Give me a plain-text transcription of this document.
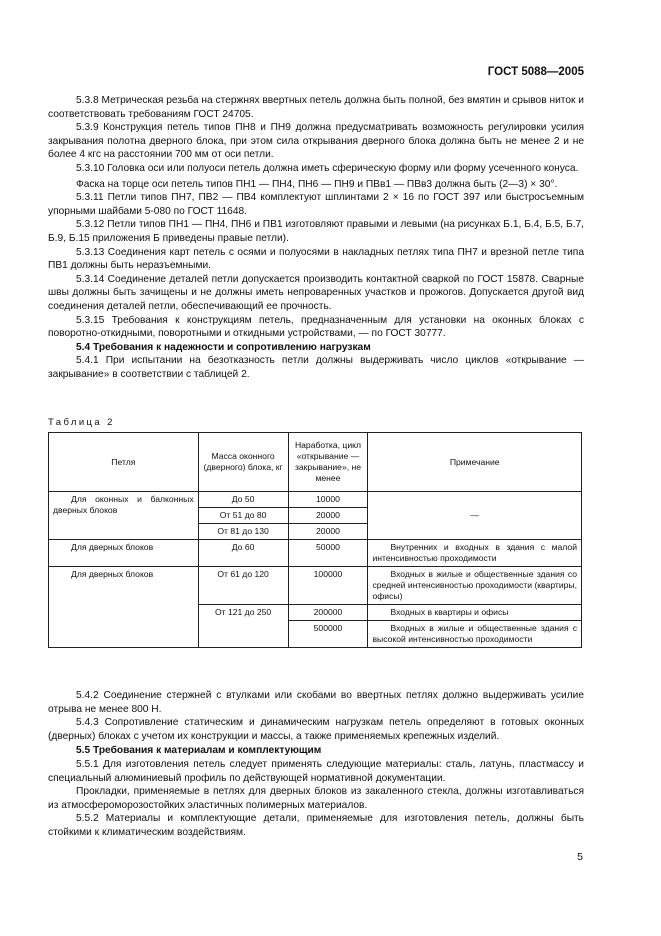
ГОСТ 5088—2005

5.3.8 Метрическая резьба на стержнях ввертных петель должна быть полной, без вмятин и срывов ниток и соответствовать требованиям ГОСТ 24705.

5.3.9 Конструкция петель типов ПН8 и ПН9 должна предусматривать возможность регулировки усилия закрывания полотна дверного блока, при этом сила открывания дверного блока должна быть не менее 2 и не более 4 кгс на расстоянии 700 мм от оси петли.

5.3.10 Головка оси или полуоси петель должна иметь сферическую форму или форму усеченного конуса.

Фаска на торце оси петель типов ПН1 — ПН4, ПН6 — ПН9 и ПВв1 — ПВв3 должна быть (2—3) × 30°.

5.3.11 Петли типов ПН7, ПВ2 — ПВ4 комплектуют шплинтами 2 × 16 по ГОСТ 397 или быстросъемным упорными шайбами 5-080 по ГОСТ 11648.

5.3.12 Петли типов ПН1 — ПН4, ПН6 и ПВ1 изготовляют правыми и левыми (на рисунках Б.1, Б.4, Б.5, Б.7, Б.9, Б.15 приложения Б приведены правые петли).

5.3.13 Соединения карт петель с осями и полуосями в накладных петлях типа ПН7 и врезной петле типа ПВ1 должны быть неразъемными.

5.3.14 Соединение деталей петли допускается производить контактной сваркой по ГОСТ 15878. Сварные швы должны быть зачищены и не должны иметь непроваренных участков и прожогов. Допускается другой вид соединения деталей петли, обеспечивающий ее прочность.

5.3.15 Требования к конструкциям петель, предназначенным для установки на оконных блоках с поворотно-откидными, поворотными и откидными устройствами, — по ГОСТ 30777.

5.4 Требования к надежности и сопротивлению нагрузкам

5.4.1 При испытании на безотказность петли должны выдерживать число циклов «открывание — закрывание» в соответствии с таблицей 2.

Таблица 2
Петля	Масса оконного (дверного) блока, кг	Наработка, цикл «открывание — закрывание», не менее	Примечание
Для оконных и балконных дверных блоков	До 50	10000	—
	От 51 до 80	20000	
	От 81 до 130	20000	
Для дверных блоков	До 60	50000	Внутренних и входных в здания с малой интенсивностью проходимости
Для дверных блоков	От 61 до 120	100000	Входных в жилые и общественные здания со средней интенсивностью проходимости (квартиры, офисы)
	От 121 до 250	200000	Входных в квартиры и офисы
		500000	Входных в жилые и общественные здания с высокой интенсивностью проходимости

5.4.2 Соединение стержней с втулками или скобами во ввертных петлях должно выдерживать усилие отрыва не менее 800 Н.

5.4.3 Сопротивление статическим и динамическим нагрузкам петель определяют в готовых оконных (дверных) блоках с учетом их конструкции и массы, а также применяемых крепежных изделий.

5.5 Требования к материалам и комплектующим

5.5.1 Для изготовления петель следует применять следующие материалы: сталь, латунь, пластмассу и специальный алюминиевый профиль по действующей нормативной документации.

Прокладки, применяемые в петлях для дверных блоков из закаленного стекла, должны изготавливаться из атмосфероморозостойких эластичных полимерных материалов.

5.5.2 Материалы и комплектующие детали, применяемые для изготовления петель, должны быть стойкими к климатическим воздействиям.

5
